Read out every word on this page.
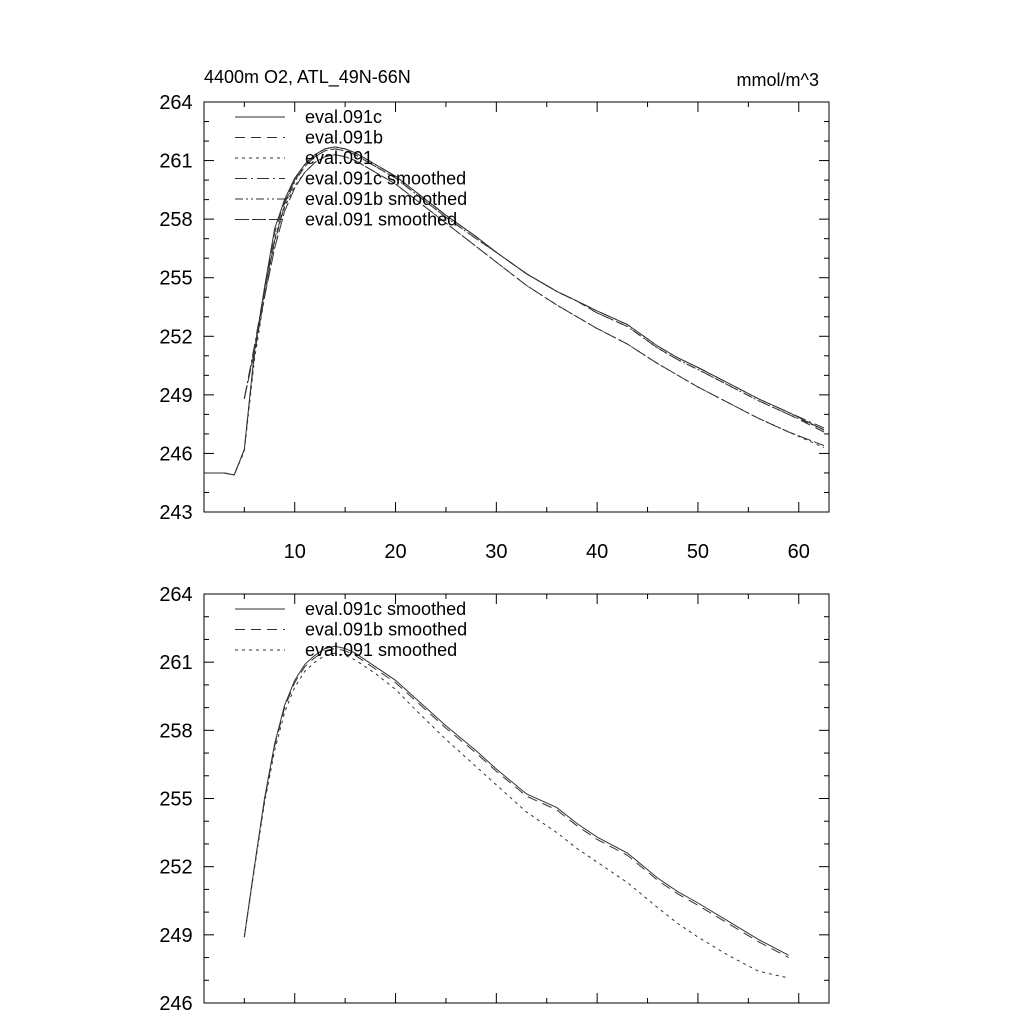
4400m O2, ATL_49N-66N	mmol/m^3
243
246
249
252
255
258
261
264
10	20	30	40	50	60
eval.091c
eval.091b
eval.091
eval.091c smoothed
eval.091b smoothed
eval.091 smoothed
246
249
252
255
258
261
264
eval.091c smoothed
eval.091b smoothed
eval.091 smoothed
